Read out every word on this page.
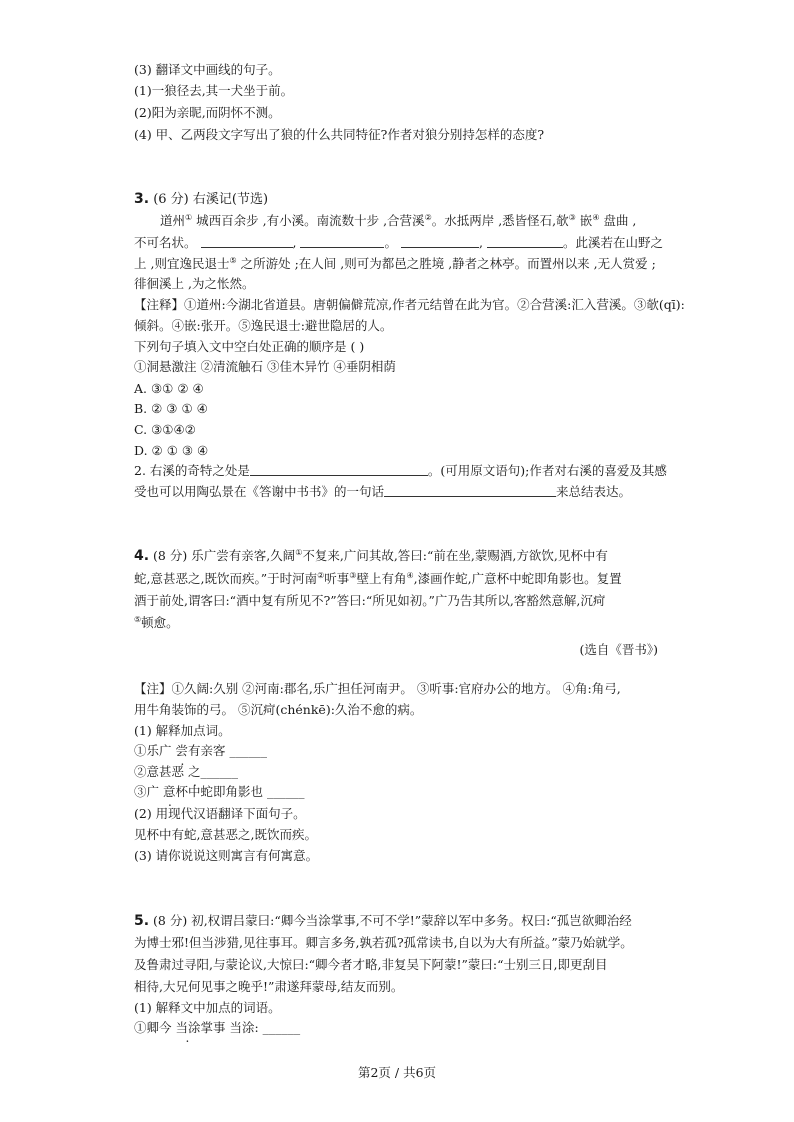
(3) 翻译文中画线的句子。
(1)一狼径去,其一犬坐于前。
(2)阳为亲昵,而阴怀不测。
(4) 甲、乙两段文字写出了狼的什么共同特征?作者对狼分别持怎样的态度?
3. (6 分) 右溪记(节选)
道州① 城西百余步 ,有小溪。南流数十步 ,合营溪②。水抵两岸 ,悉皆怪石,欹③ 嵌④ 盘曲 ,
不可名状。	,	。	,	。此溪若在山野之
上 ,则宜逸民退士⑤ 之所游处 ;在人间 ,则可为都邑之胜境 ,静者之林亭。而置州以来 ,无人赏爱 ;
徘徊溪上 ,为之怅然。
【注释】①道州:今湖北省道县。唐朝偏僻荒凉,作者元结曾在此为官。②合营溪:汇入营溪。③欹(qī):
倾斜。④嵌:张开。⑤逸民退士:避世隐居的人。
下列句子填入文中空白处正确的顺序是 ( )
①洞悬激注 ②清流触石 ③佳木异竹 ④垂阴相荫
A. ③① ② ④
B. ② ③ ① ④
C. ③①④②
D. ② ① ③ ④
2. 右溪的奇特之处是	。(可用原文语句);作者对右溪的喜爱及其感
受也可以用陶弘景在《答谢中书书》的一句话	来总结表达。
4. (8 分) 乐广尝有亲客,久阔①不复来,广问其故,答曰:“前在坐,蒙赐酒,方欲饮,见杯中有
蛇,意甚恶之,既饮而疾。”于时河南②听事③壁上有角④,漆画作蛇,广意杯中蛇即角影也。复置
酒于前处,谓客曰:“酒中复有所见不?”答曰:“所见如初。”广乃告其所以,客豁然意解,沉疴
⑤顿愈。
(选自《晋书》)
【注】①久阔:久别 ②河南:郡名,乐广担任河南尹。 ③听事:官府办公的地方。 ④角:角弓,
用牛角装饰的弓。 ⑤沉疴(chénkē):久治不愈的病。
(1) 解释加点词。
①乐广 尝有亲客 ______
②意甚恶 之______
③广 意杯中蛇即角影也 ______
(2) 用现代汉语翻译下面句子。
见杯中有蛇,意甚恶之,既饮而疾。
(3) 请你说说这则寓言有何寓意。
5. (8 分) 初,权谓吕蒙曰:“卿今当涂掌事,不可不学!”蒙辞以军中多务。权曰:“孤岂欲卿治经
为博士邪!但当涉猎,见往事耳。卿言多务,孰若孤?孤常读书,自以为大有所益。”蒙乃始就学。
及鲁肃过寻阳,与蒙论议,大惊曰:“卿今者才略,非复吴下阿蒙!”蒙曰:“士别三日,即更刮目
相待,大兄何见事之晚乎!”肃遂拜蒙母,结友而别。
(1) 解释文中加点的词语。
①卿今 当涂掌事 当涂: ______
第2页 / 共6页
